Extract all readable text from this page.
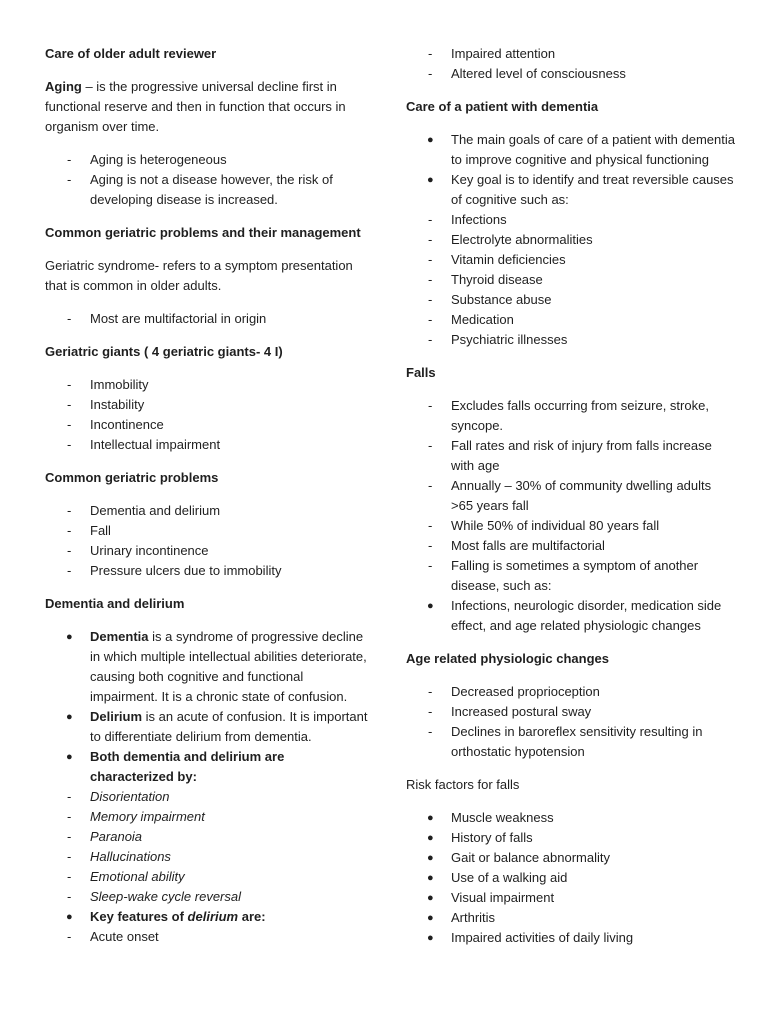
Care of older adult reviewer
Aging – is the progressive universal decline first in functional reserve and then in function that occurs in organism over time.
-	Aging is heterogeneous
-	Aging is not a disease however, the risk of developing disease is increased.
Common geriatric problems and their management
Geriatric syndrome- refers to a symptom presentation that is common in older adults.
-	Most are multifactorial in origin
Geriatric giants ( 4 geriatric giants- 4 I)
-	Immobility
-	Instability
-	Incontinence
-	Intellectual impairment
Common geriatric problems
-	Dementia and delirium
-	Fall
-	Urinary incontinence
-	Pressure ulcers due to immobility
Dementia and delirium
●	Dementia is a syndrome of progressive decline in which multiple intellectual abilities deteriorate, causing both cognitive and functional impairment. It is a chronic state of confusion.
●	Delirium is an acute of confusion. It is important to differentiate delirium from dementia.
●	Both dementia and delirium are characterized by:
-	Disorientation
-	Memory impairment
-	Paranoia
-	Hallucinations
-	Emotional ability
-	Sleep-wake cycle reversal
●	Key features of delirium are:
-	Acute onset
-	Impaired attention
-	Altered level of consciousness
Care of a patient with dementia
●	The main goals of care of a patient with dementia to improve cognitive and physical functioning
●	Key goal is to identify and treat reversible causes of cognitive such as:
-	Infections
-	Electrolyte abnormalities
-	Vitamin deficiencies
-	Thyroid disease
-	Substance abuse
-	Medication
-	Psychiatric illnesses
Falls
-	Excludes falls occurring from seizure, stroke, syncope.
-	Fall rates and risk of injury from falls increase with age
-	Annually – 30% of community dwelling adults >65 years fall
-	While 50% of individual 80 years fall
-	Most falls are multifactorial
-	Falling is sometimes a symptom of another disease, such as:
●	Infections, neurologic disorder, medication side effect, and age related physiologic changes
Age related physiologic changes
-	Decreased proprioception
-	Increased postural sway
-	Declines in baroreflex sensitivity resulting in orthostatic hypotension
Risk factors for falls
●	Muscle weakness
●	History of falls
●	Gait or balance abnormality
●	Use of a walking aid
●	Visual impairment
●	Arthritis
●	Impaired activities of daily living
